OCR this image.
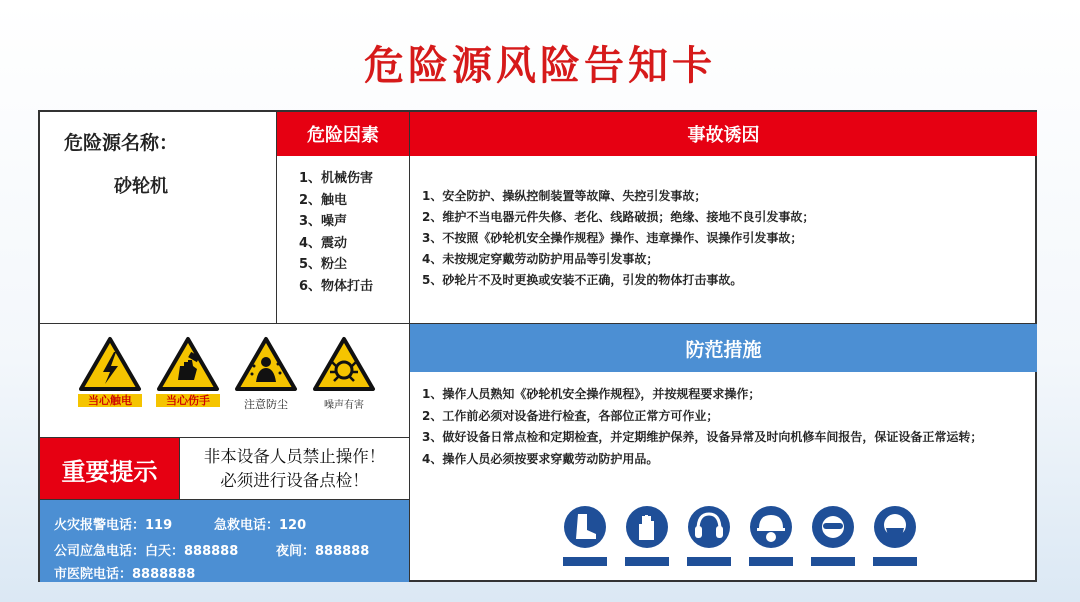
危险源风险告知卡
危险源名称：
砂轮机
危险因素
1、机械伤害
2、触电
3、噪声
4、震动
5、粉尘
6、物体打击
事故诱因
1、安全防护、操纵控制装置等故障、失控引发事故；
2、维护不当电器元件失修、老化、线路破损；绝缘、接地不良引发事故；
3、不按照《砂轮机安全操作规程》操作、违章操作、误操作引发事故；
4、未按规定穿戴劳动防护用品等引发事故；
5、砂轮片不及时更换或安装不正确，引发的物体打击事故。
当心触电	当心伤手	注意防尘	噪声有害
重要提示
非本设备人员禁止操作！
必须进行设备点检！
火灾报警电话：119	急救电话：120
公司应急电话：白天：888888	夜间：888888
市医院电话：8888888
防范措施
1、操作人员熟知《砂轮机安全操作规程》，并按规程要求操作；
2、工作前必须对设备进行检查，各部位正常方可作业；
3、做好设备日常点检和定期检查，并定期维护保养，设备异常及时向机修车间报告，保证设备正常运转；
4、操作人员必须按要求穿戴劳动防护用品。
